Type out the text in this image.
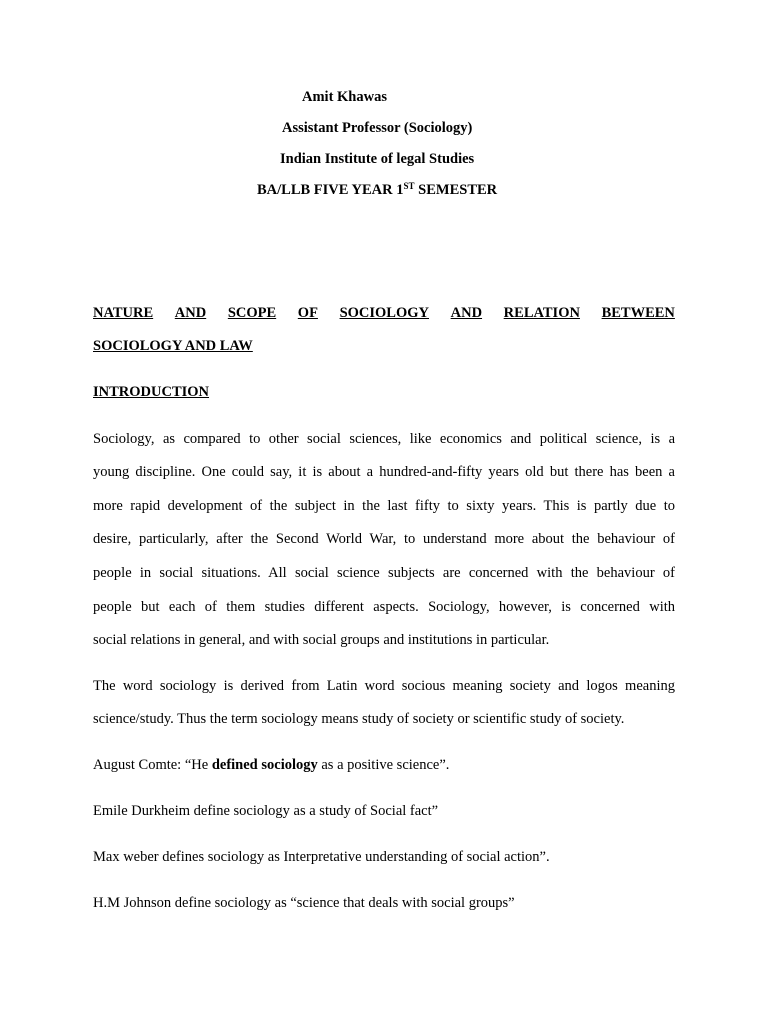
Amit Khawas
Assistant Professor (Sociology)
Indian Institute of legal Studies
BA/LLB FIVE YEAR 1ST SEMESTER
NATURE AND SCOPE OF SOCIOLOGY AND RELATION BETWEEN
SOCIOLOGY AND LAW
INTRODUCTION
Sociology, as compared to other social sciences, like economics and political science, is a
young discipline. One could say, it is about a hundred-and-fifty years old but there has been a
more rapid development of the subject in the last fifty to sixty years. This is partly due to
desire, particularly, after the Second World War, to understand more about the behaviour of
people in social situations. All social science subjects are concerned with the behaviour of
people but each of them studies different aspects. Sociology, however, is concerned with
social relations in general, and with social groups and institutions in particular.
The word sociology is derived from Latin word socious meaning society and logos meaning
science/study. Thus the term sociology means study of society or scientific study of society.
August Comte: “He defined sociology as a positive science”.
Emile Durkheim define sociology as a study of Social fact”
Max weber defines sociology as Interpretative understanding of social action”.
H.M Johnson define sociology as “science that deals with social groups”
